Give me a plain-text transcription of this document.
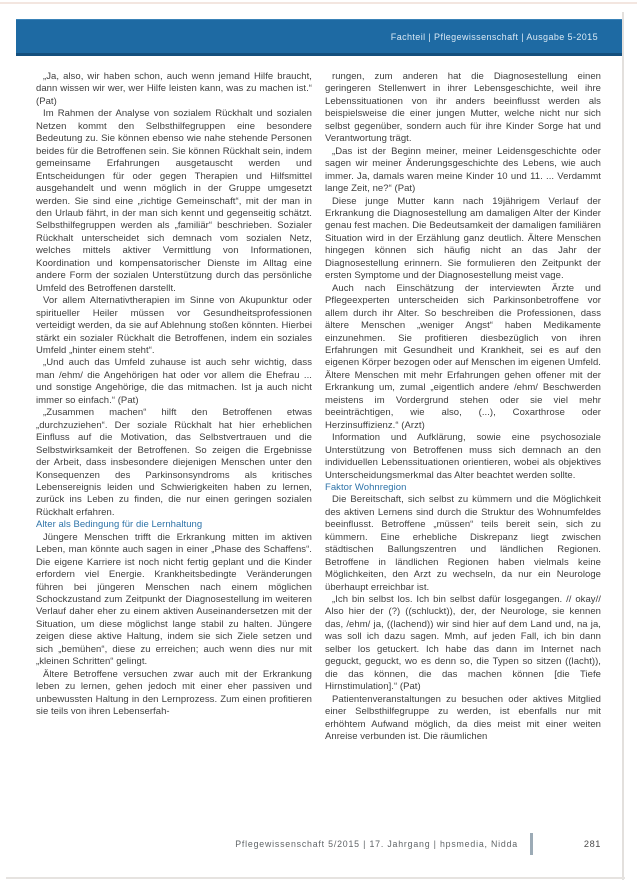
Fachteil | Pflegewissenschaft | Ausgabe 5-2015

„Ja, also, wir haben schon, auch wenn jemand Hilfe braucht, dann wissen wir wer, wer Hilfe leisten kann, was zu machen ist.“ (Pat)

Im Rahmen der Analyse von sozialem Rückhalt und sozialen Netzen kommt den Selbsthilfegruppen eine besondere Bedeutung zu. Sie können ebenso wie nahe stehende Personen beides für die Betroffenen sein. Sie können Rückhalt sein, indem gemeinsame Erfahrungen ausgetauscht werden und Entscheidungen für oder gegen Therapien und Hilfsmittel ausgehandelt und wenn möglich in der Gruppe umgesetzt werden. Sie sind eine „richtige Gemeinschaft“, mit der man in den Urlaub fährt, in der man sich kennt und gegenseitig schätzt. Selbsthilfegruppen werden als „familiär“ beschrieben. Sozialer Rückhalt unterscheidet sich demnach vom sozialen Netz, welches mittels aktiver Vermittlung von Informationen, Koordination und kompensatorischer Dienste im Alltag eine andere Form der sozialen Unterstützung durch das persönliche Umfeld des Betroffenen darstellt.

Vor allem Alternativtherapien im Sinne von Akupunktur oder spiritueller Heiler müssen vor Gesundheitsprofessionen verteidigt werden, da sie auf Ablehnung stoßen könnten. Hierbei stärkt ein sozialer Rückhalt die Betroffenen, indem ein soziales Umfeld „hinter einem steht“.

„Und auch das Umfeld zuhause ist auch sehr wichtig, dass man /ehm/ die Angehörigen hat oder vor allem die Ehefrau ... und sonstige Angehörige, die das mitmachen. Ist ja auch nicht immer so einfach.“ (Pat)

„Zusammen machen“ hilft den Betroffenen etwas „durchzuziehen“. Der soziale Rückhalt hat hier erheblichen Einfluss auf die Motivation, das Selbstvertrauen und die Selbstwirksamkeit der Betroffenen. So zeigen die Ergebnisse der Arbeit, dass insbesondere diejenigen Menschen unter den Konsequenzen des Parkinsonsyndroms als kritisches Lebensereignis leiden und Schwierigkeiten haben zu lernen, zurück ins Leben zu finden, die nur einen geringen sozialen Rückhalt erfahren.

Alter als Bedingung für die Lernhaltung

Jüngere Menschen trifft die Erkrankung mitten im aktiven Leben, man könnte auch sagen in einer „Phase des Schaffens“. Die eigene Karriere ist noch nicht fertig geplant und die Kinder erfordern viel Energie. Krankheitsbedingte Veränderungen führen bei jüngeren Menschen nach einem möglichen Schockzustand zum Zeitpunkt der Diagnosestellung im weiteren Verlauf daher eher zu einem aktiven Auseinandersetzen mit der Situation, um diese möglichst lange stabil zu halten. Jüngere zeigen diese aktive Haltung, indem sie sich Ziele setzen und sich „bemühen“, diese zu erreichen; auch wenn dies nur mit „kleinen Schritten“ gelingt.

Ältere Betroffene versuchen zwar auch mit der Erkrankung leben zu lernen, gehen jedoch mit einer eher passiven und unbewussten Haltung in den Lernprozess. Zum einen profitieren sie teils von ihren Lebenserfah-

rungen, zum anderen hat die Diagnosestellung einen geringeren Stellenwert in ihrer Lebensgeschichte, weil ihre Lebenssituationen von ihr anders beeinflusst werden als beispielsweise die einer jungen Mutter, welche nicht nur sich selbst gegenüber, sondern auch für ihre Kinder Sorge hat und Verantwortung trägt.

„Das ist der Beginn meiner, meiner Leidensgeschichte oder sagen wir meiner Änderungsgeschichte des Lebens, wie auch immer. Ja, damals waren meine Kinder 10 und 11. ... Verdammt lange Zeit, ne?“ (Pat)

Diese junge Mutter kann nach 19jährigem Verlauf der Erkrankung die Diagnosestellung am damaligen Alter der Kinder genau fest machen. Die Bedeutsamkeit der damaligen familiären Situation wird in der Erzählung ganz deutlich. Ältere Menschen hingegen können sich häufig nicht an das Jahr der Diagnosestellung erinnern. Sie formulieren den Zeitpunkt der ersten Symptome und der Diagnosestellung meist vage.

Auch nach Einschätzung der interviewten Ärzte und Pflegeexperten unterscheiden sich Parkinsonbetroffene vor allem durch ihr Alter. So beschreiben die Professionen, dass ältere Menschen „weniger Angst“ haben Medikamente einzunehmen. Sie profitieren diesbezüglich von ihren Erfahrungen mit Gesundheit und Krankheit, sei es auf den eigenen Körper bezogen oder auf Menschen im eigenen Umfeld. Ältere Menschen mit mehr Erfahrungen gehen offener mit der Erkrankung um, zumal „eigentlich andere /ehm/ Beschwerden meistens im Vordergrund stehen oder sie viel mehr beeinträchtigen, wie also, (...), Coxarthrose oder Herzinsuffizienz.“ (Arzt)

Information und Aufklärung, sowie eine psychosoziale Unterstützung von Betroffenen muss sich demnach an den individuellen Lebenssituationen orientieren, wobei als objektives Unterscheidungsmerkmal das Alter beachtet werden sollte.

Faktor Wohnregion

Die Bereitschaft, sich selbst zu kümmern und die Möglichkeit des aktiven Lernens sind durch die Struktur des Wohnumfeldes beeinflusst. Betroffene „müssen“ teils bereit sein, sich zu kümmern. Eine erhebliche Diskrepanz liegt zwischen städtischen Ballungszentren und ländlichen Regionen. Betroffene in ländlichen Regionen haben vielmals keine Möglichkeiten, den Arzt zu wechseln, da nur ein Neurologe überhaupt erreichbar ist.

„Ich bin selbst los. Ich bin selbst dafür losgegangen. // okay// Also hier der (?) ((schluckt)), der, der Neurologe, sie kennen das, /ehm/ ja, ((lachend)) wir sind hier auf dem Land und, na ja, was soll ich dazu sagen. Mmh, auf jeden Fall, ich bin dann selber los getuckert. Ich habe das dann im Internet nach geguckt, geguckt, wo es denn so, die Typen so sitzen ((lacht)), die das können, die das machen können [die Tiefe Hirnstimulation].“ (Pat)

Patientenveranstaltungen zu besuchen oder aktives Mitglied einer Selbsthilfegruppe zu werden, ist ebenfalls nur mit erhöhtem Aufwand möglich, da dies meist mit einer weiten Anreise verbunden ist. Die räumlichen

Pflegewissenschaft 5/2015 | 17. Jahrgang | hpsmedia, Nidda	281
